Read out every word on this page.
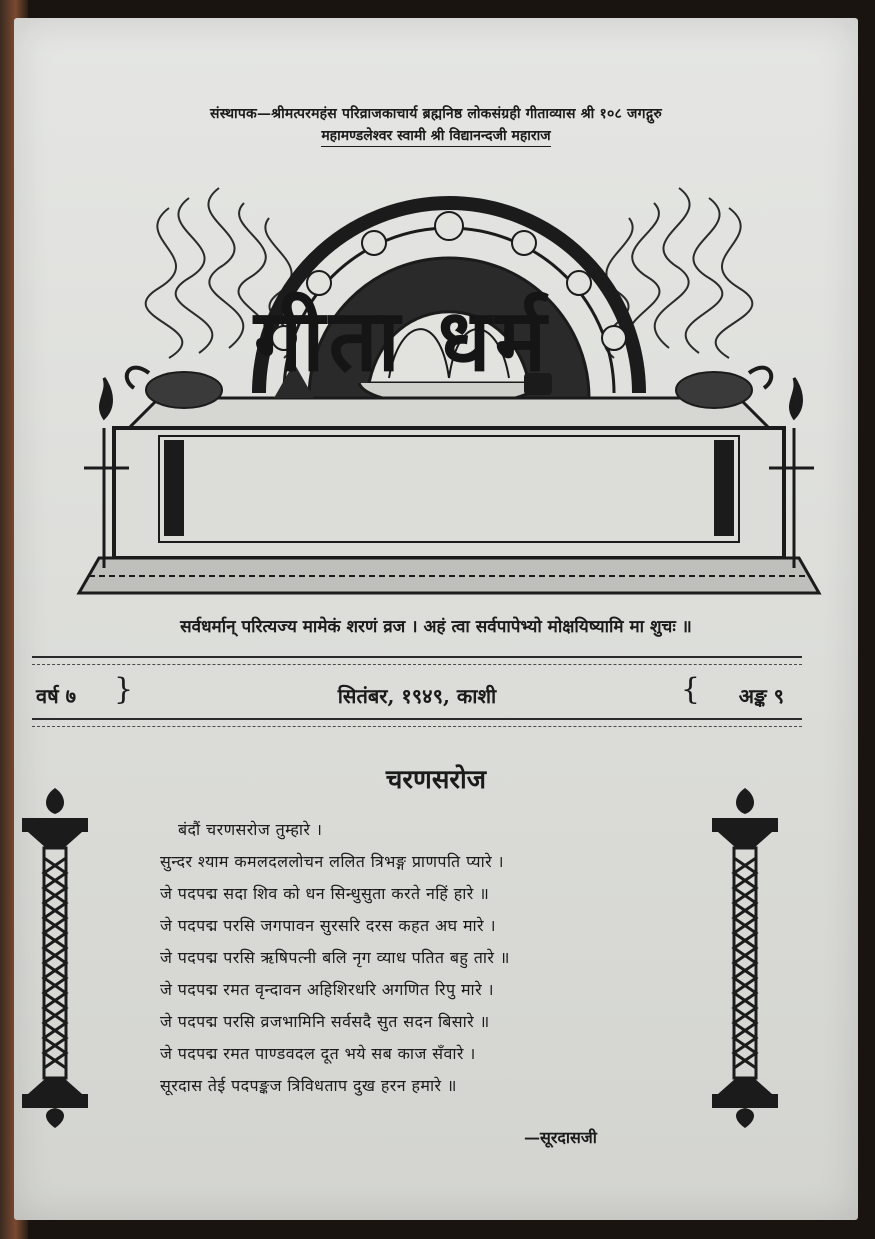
संस्थापक—श्रीमत्परमहंस परिव्राजकाचार्य ब्रह्मनिष्ठ लोकसंग्रही गीताव्यास श्री १०८ जगद्गुरु
महामण्डलेश्वर स्वामी श्री विद्यानन्दजी महाराज
गीता धर्म
सर्वधर्मान् परित्यज्य मामेकं शरणं व्रज । अहं त्वा सर्वपापेभ्यो मोक्षयिष्यामि मा शुचः ॥
वर्ष ७ }	सितंबर, १९४९, काशी	{ अङ्क ९
चरणसरोज
बंदौं चरणसरोज तुम्हारे ।
सुन्दर श्याम कमलदललोचन ललित त्रिभङ्ग प्राणपति प्यारे ।
जे पदपद्म सदा शिव को धन सिन्धुसुता करते नहिं हारे ॥
जे पदपद्म परसि जगपावन सुरसरि दरस कहत अघ मारे ।
जे पदपद्म परसि ऋषिपत्नी बलि नृग व्याध पतित बहु तारे ॥
जे पदपद्म रमत वृन्दावन अहिशिरधरि अगणित रिपु मारे ।
जे पदपद्म परसि व्रजभामिनि सर्वसदै सुत सदन बिसारे ॥
जे पदपद्म रमत पाण्डवदल दूत भये सब काज सँवारे ।
सूरदास तेई पदपङ्कज त्रिविधताप दुख हरन हमारे ॥
—सूरदासजी
